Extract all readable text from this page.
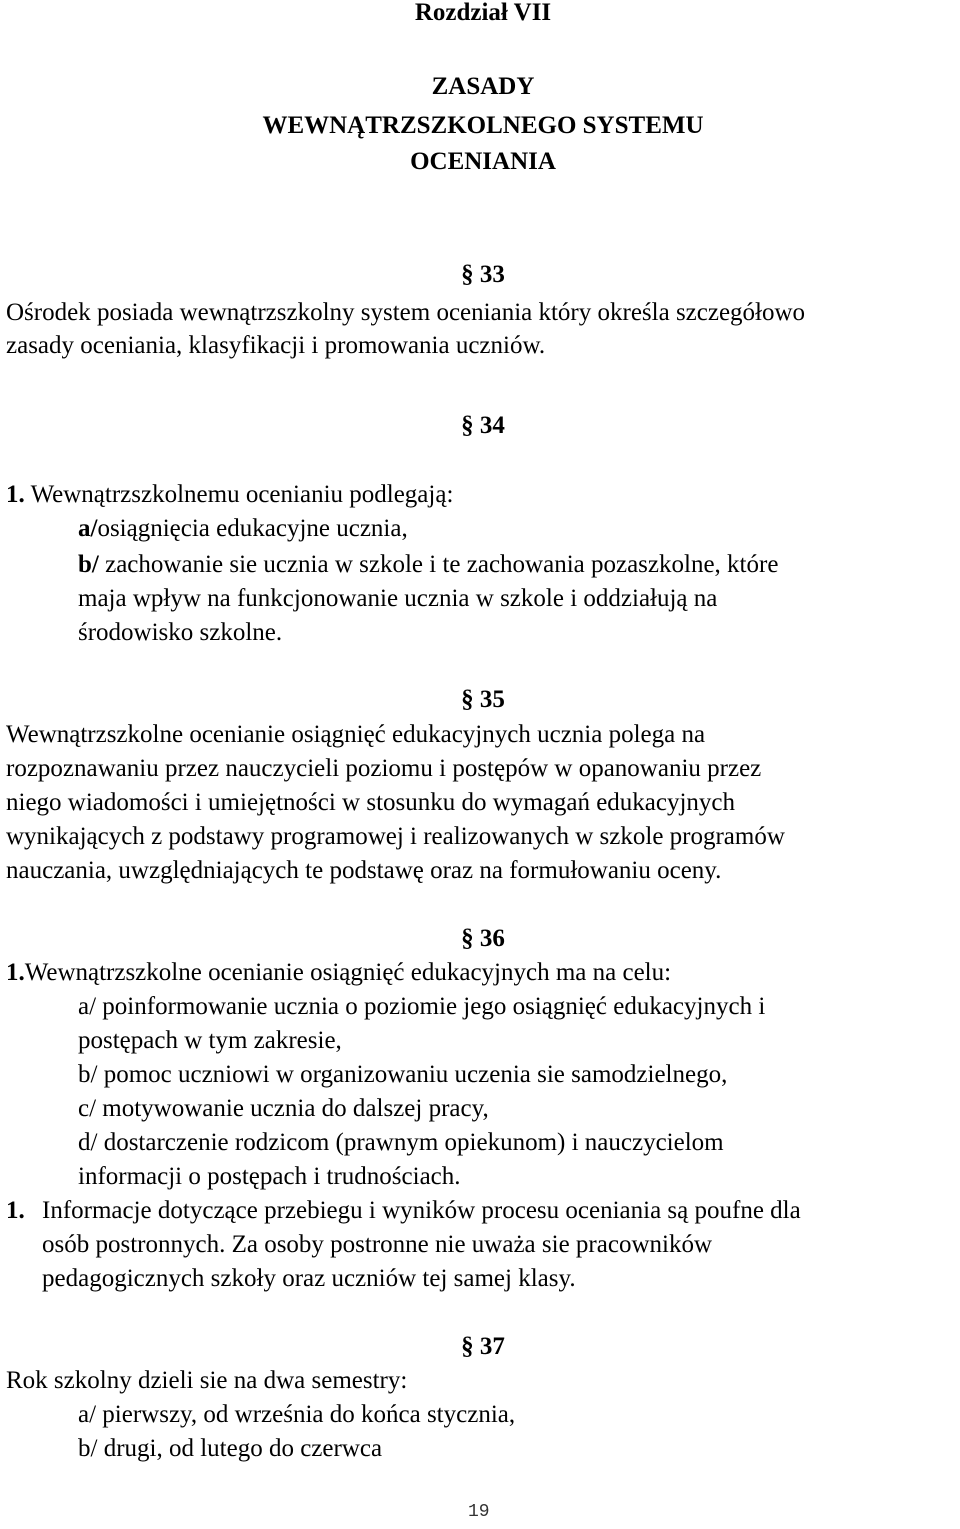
Rozdział VII
ZASADY
WEWNĄTRZSZKOLNEGO SYSTEMU
OCENIANIA
§ 33
Ośrodek posiada wewnątrzszkolny system oceniania który określa szczegółowo
zasady oceniania, klasyfikacji i promowania uczniów.
§ 34
1. Wewnątrzszkolnemu ocenianiu podlegają:
a/osiągnięcia edukacyjne ucznia,
b/ zachowanie sie ucznia w szkole i te zachowania pozaszkolne, które
maja wpływ na funkcjonowanie ucznia w szkole i oddziałują na
środowisko szkolne.
§ 35
Wewnątrzszkolne ocenianie osiągnięć edukacyjnych ucznia polega na
rozpoznawaniu przez nauczycieli poziomu i postępów w opanowaniu przez
niego wiadomości i umiejętności w stosunku do wymagań edukacyjnych
wynikających z podstawy programowej i realizowanych w szkole programów
nauczania, uwzględniających te podstawę oraz na formułowaniu oceny.
§ 36
1.Wewnątrzszkolne ocenianie osiągnięć edukacyjnych ma na celu:
a/ poinformowanie ucznia o poziomie jego osiągnięć edukacyjnych i
postępach w tym zakresie,
b/ pomoc uczniowi w organizowaniu uczenia sie samodzielnego,
c/ motywowanie ucznia do dalszej pracy,
d/ dostarczenie rodzicom (prawnym opiekunom) i nauczycielom
informacji o postępach i trudnościach.
1. Informacje dotyczące przebiegu i wyników procesu oceniania są poufne dla
osób postronnych. Za osoby postronne nie uważa sie pracowników
pedagogicznych szkoły oraz uczniów tej samej klasy.
§ 37
Rok szkolny dzieli sie na dwa semestry:
a/ pierwszy, od września do końca stycznia,
b/ drugi, od lutego do czerwca
19
